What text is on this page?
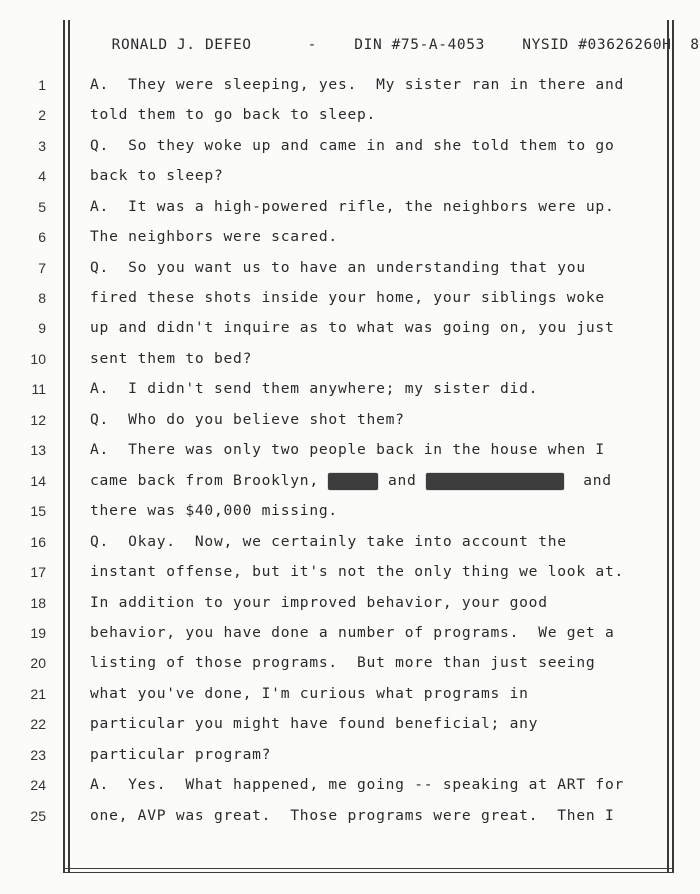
RONALD J. DEFEO	-	DIN #75-A-4053	NYSID #03626260H 8

1
2
3
4
5
6
7
8
9
10
11
12
13
14
15
16
17
18
19
20
21
22
23
24
25
A.  They were sleeping, yes.  My sister ran in there and
told them to go back to sleep.
Q.  So they woke up and came in and she told them to go
back to sleep?
A.  It was a high-powered rifle, the neighbors were up.
The neighbors were scared.
Q.  So you want us to have an understanding that you
fired these shots inside your home, your siblings woke
up and didn't inquire as to what was going on, you just
sent them to bed?
A.  I didn't send them anywhere; my sister did.
Q.  Who do you believe shot them?
A.  There was only two people back in the house when I
came back from Brooklyn,	and	and
there was $40,000 missing.
Q.  Okay.  Now, we certainly take into account the
instant offense, but it's not the only thing we look at.
In addition to your improved behavior, your good
behavior, you have done a number of programs.  We get a
listing of those programs.  But more than just seeing
what you've done, I'm curious what programs in
particular you might have found beneficial; any
particular program?
A.  Yes.  What happened, me going -- speaking at ART for
one, AVP was great.  Those programs were great.  Then I
